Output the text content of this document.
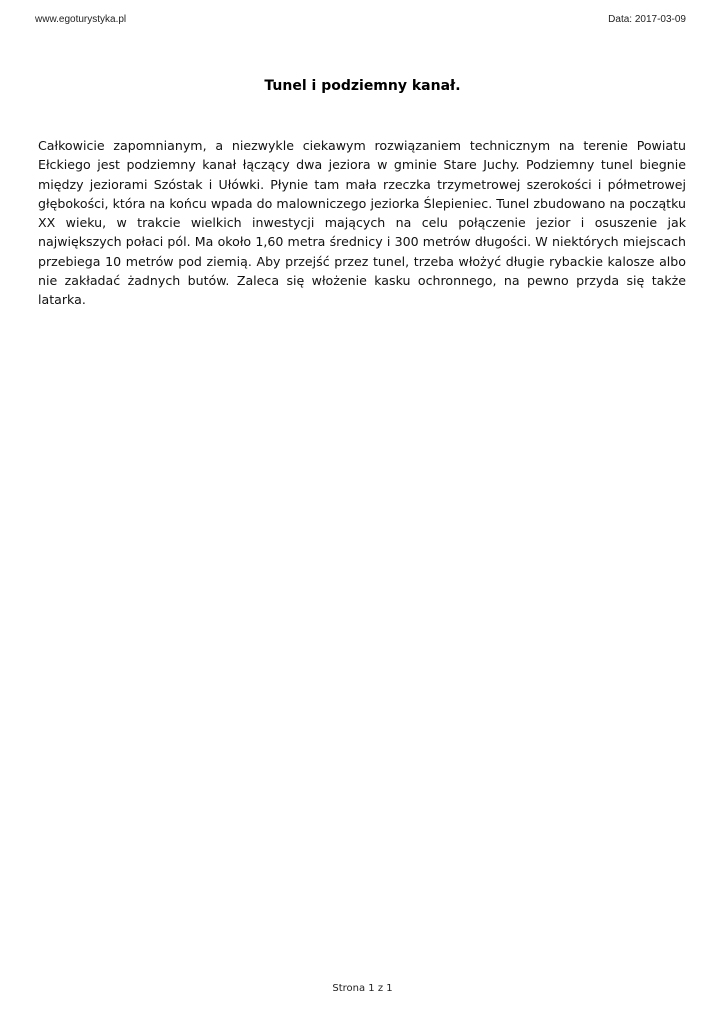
www.egoturystyka.pl	Data: 2017-03-09
Tunel i podziemny kanał.

Całkowicie zapomnianym, a niezwykle ciekawym rozwiązaniem technicznym na terenie Powiatu Ełckiego jest podziemny kanał łączący dwa jeziora w gminie Stare Juchy. Podziemny tunel biegnie między jeziorami Szóstak i Ułówki. Płynie tam mała rzeczka trzymetrowej szerokości i półmetrowej głębokości, która na końcu wpada do malowniczego jeziorka Ślepieniec. Tunel zbudowano na początku XX wieku, w trakcie wielkich inwestycji mających na celu połączenie jezior i osuszenie jak największych połaci pól. Ma około 1,60 metra średnicy i 300 metrów długości. W niektórych miejscach przebiega 10 metrów pod ziemią. Aby przejść przez tunel, trzeba włożyć długie rybackie kalosze albo nie zakładać żadnych butów. Zaleca się włożenie kasku ochronnego, na pewno przyda się także latarka.

Strona 1 z 1
